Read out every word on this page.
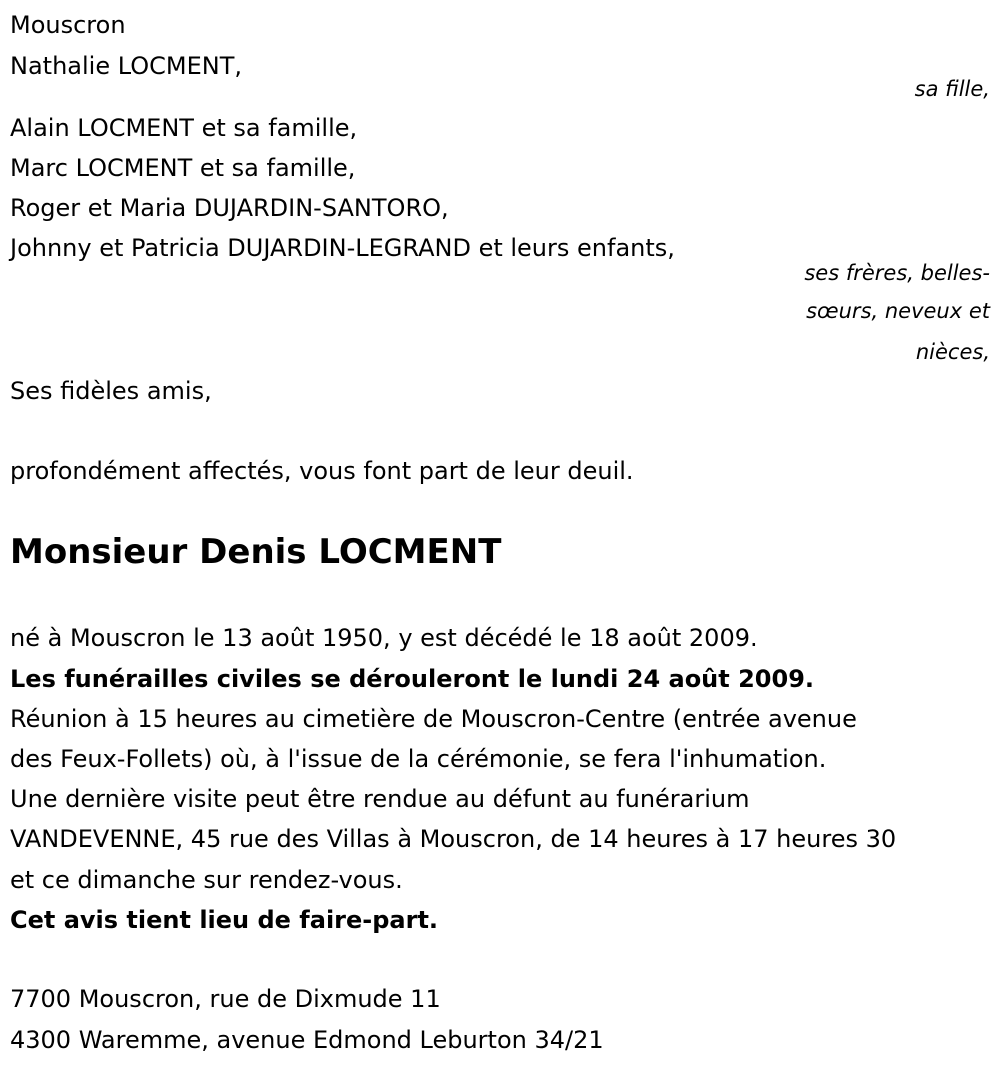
Mouscron
Nathalie LOCMENT,
sa fille,
Alain LOCMENT et sa famille,
Marc LOCMENT et sa famille,
Roger et Maria DUJARDIN-SANTORO,
Johnny et Patricia DUJARDIN-LEGRAND et leurs enfants,
ses frères, belles-
sœurs, neveux et
nièces,
Ses fidèles amis,
profondément affectés, vous font part de leur deuil.
Monsieur Denis LOCMENT
né à Mouscron le 13 août 1950, y est décédé le 18 août 2009.
Les funérailles civiles se dérouleront le lundi 24 août 2009.
Réunion à 15 heures au cimetière de Mouscron-Centre (entrée avenue
des Feux-Follets) où, à l'issue de la cérémonie, se fera l'inhumation.
Une dernière visite peut être rendue au défunt au funérarium
VANDEVENNE, 45 rue des Villas à Mouscron, de 14 heures à 17 heures 30
et ce dimanche sur rendez-vous.
Cet avis tient lieu de faire-part.
7700 Mouscron, rue de Dixmude 11
4300 Waremme, avenue Edmond Leburton 34/21
